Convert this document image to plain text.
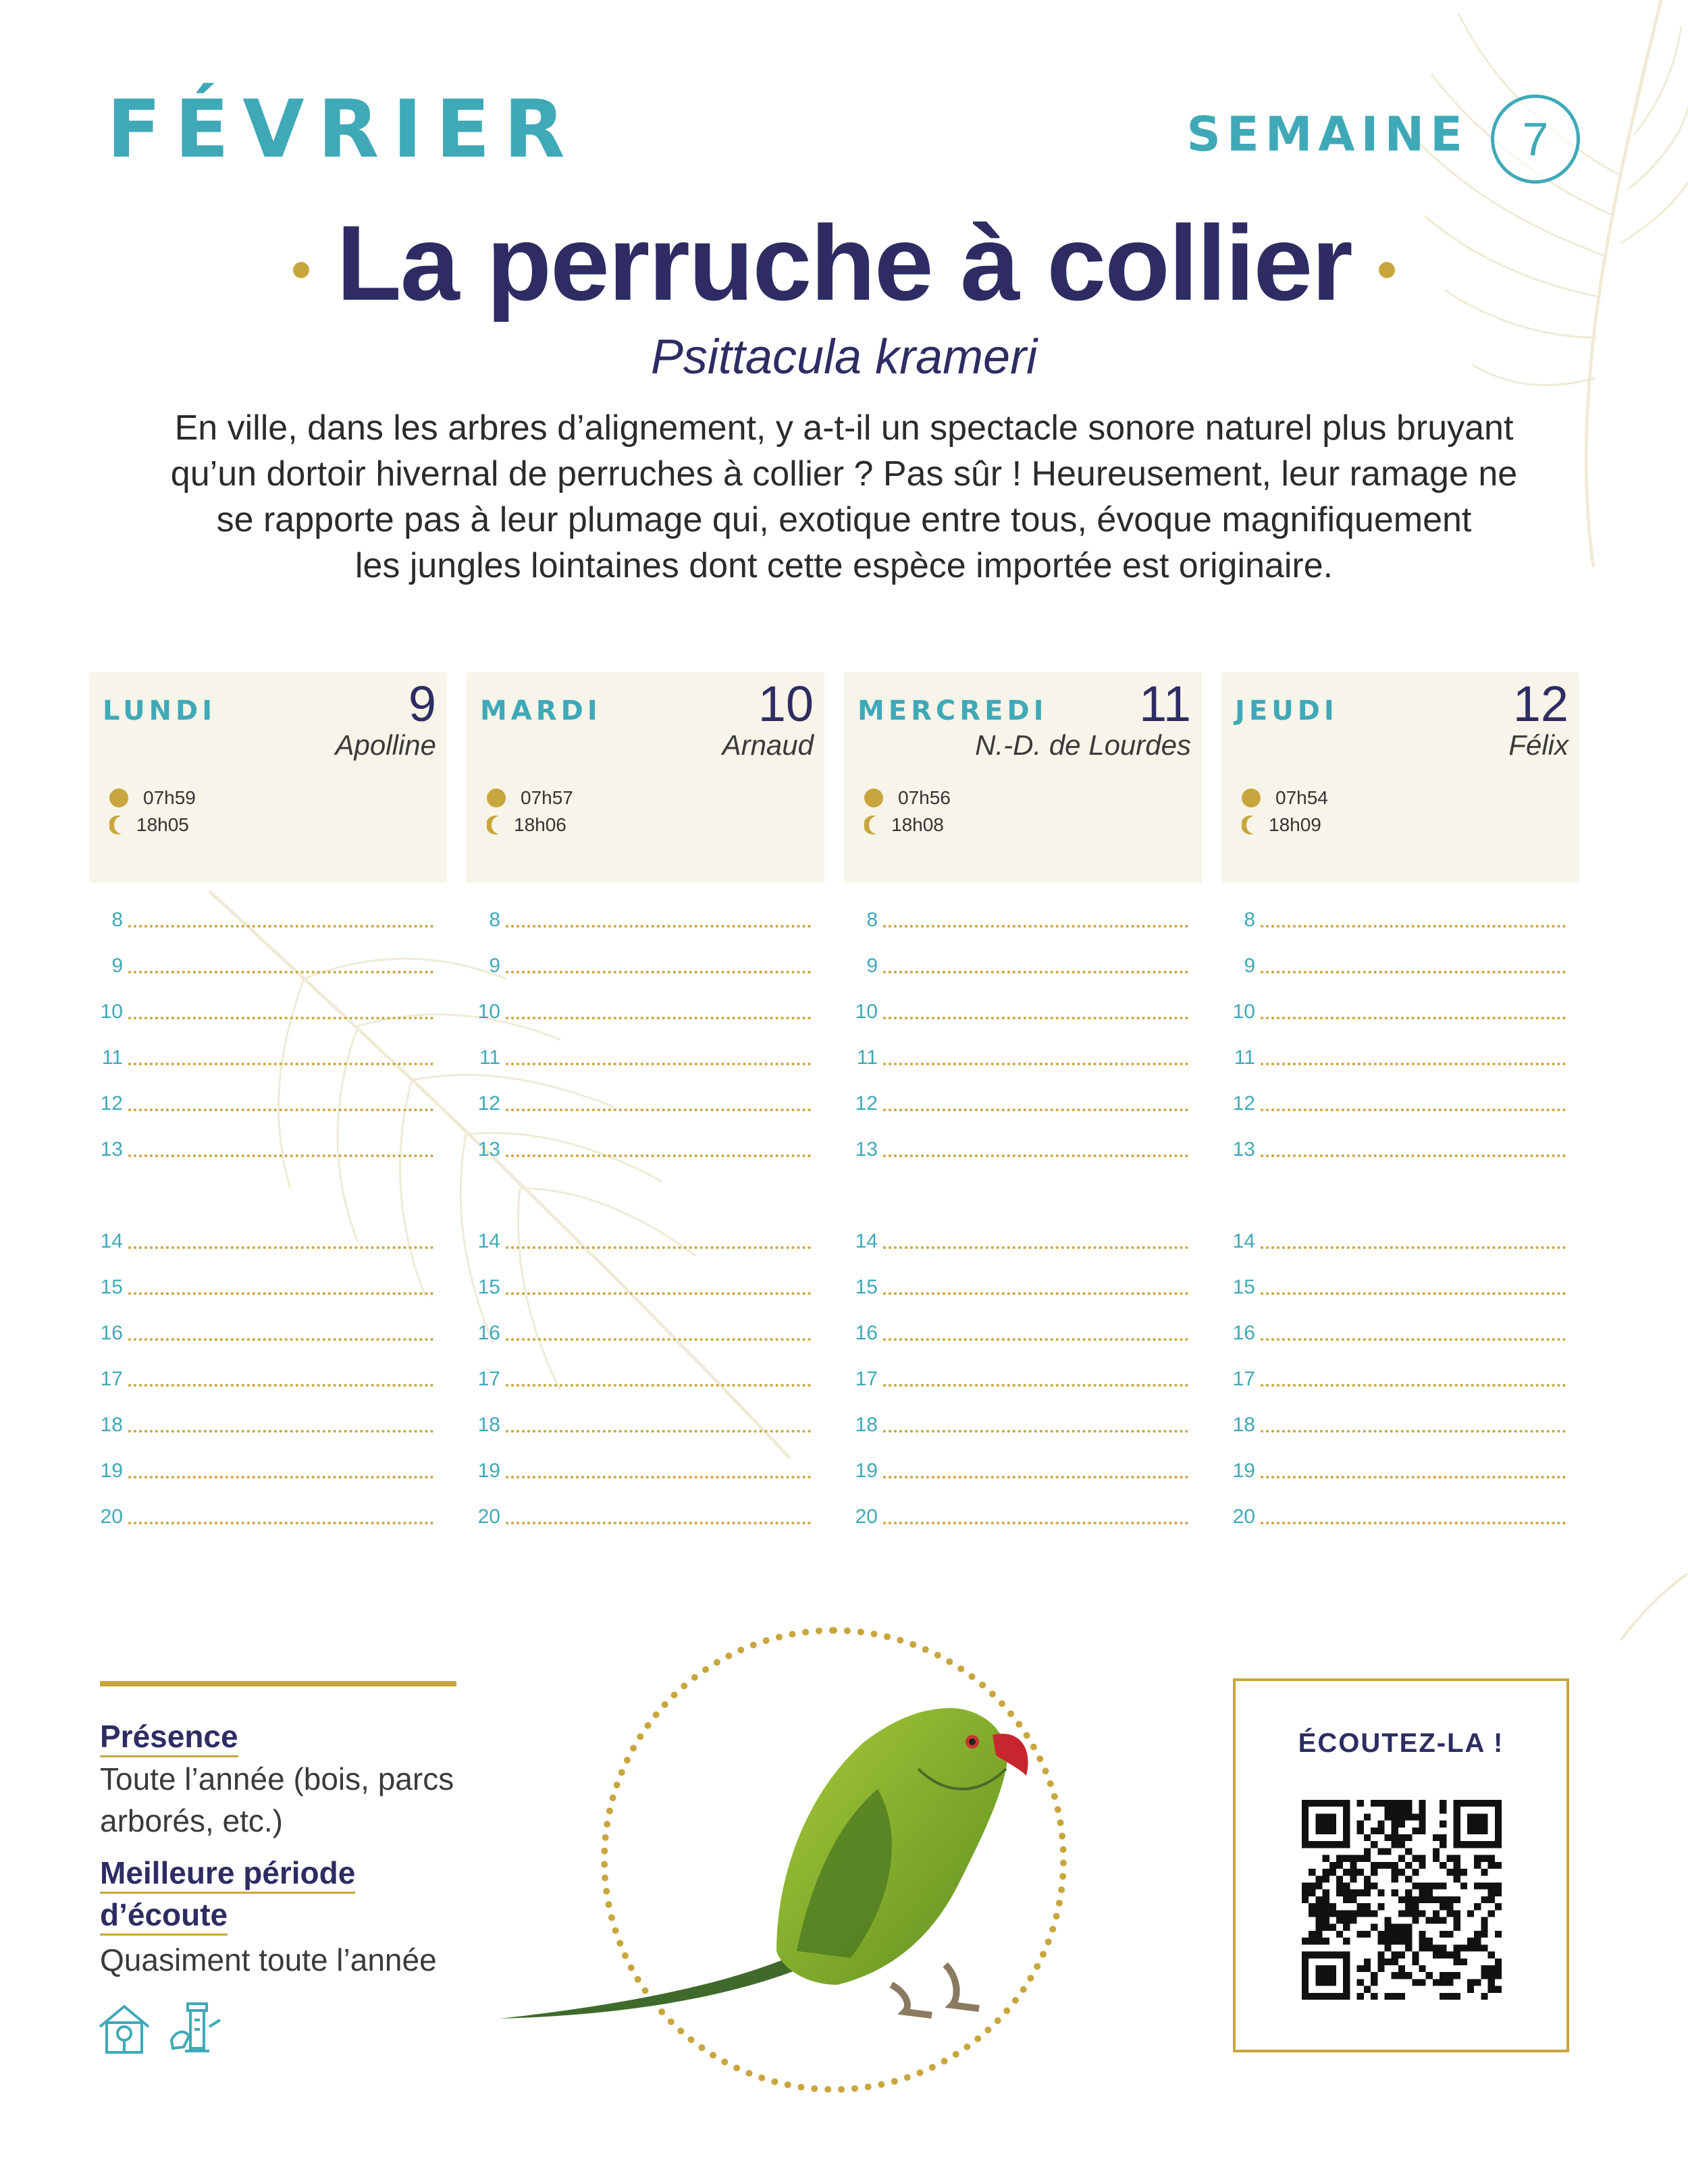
FÉVRIER	SEMAINE 7
La perruche à collier
Psittacula krameri
En ville, dans les arbres d’alignement, y a-t-il un spectacle sonore naturel plus bruyant
qu’un dortoir hivernal de perruches à collier ? Pas sûr ! Heureusement, leur ramage ne
se rapporte pas à leur plumage qui, exotique entre tous, évoque magnifiquement
les jungles lointaines dont cette espèce importée est originaire.
LUNDI	9
Apolline
07h59
18h05
8
9
10
11
12
13
14
15
16
17
18
19
20
MARDI	10
Arnaud
07h57
18h06
8
9
10
11
12
13
14
15
16
17
18
19
20
MERCREDI 11
N.-D. de Lourdes
07h56
18h08
8
9
10
11
12
13
14
15
16
17
18
19
20
JEUDI	12
Félix
07h54
18h09
8
9
10
11
12
13
14
15
16
17
18
19
20
Présence
Toute l’année (bois, parcs
arborés, etc.)
Meilleure période
d’écoute
Quasiment toute l’année
ÉCOUTEZ-LA !
